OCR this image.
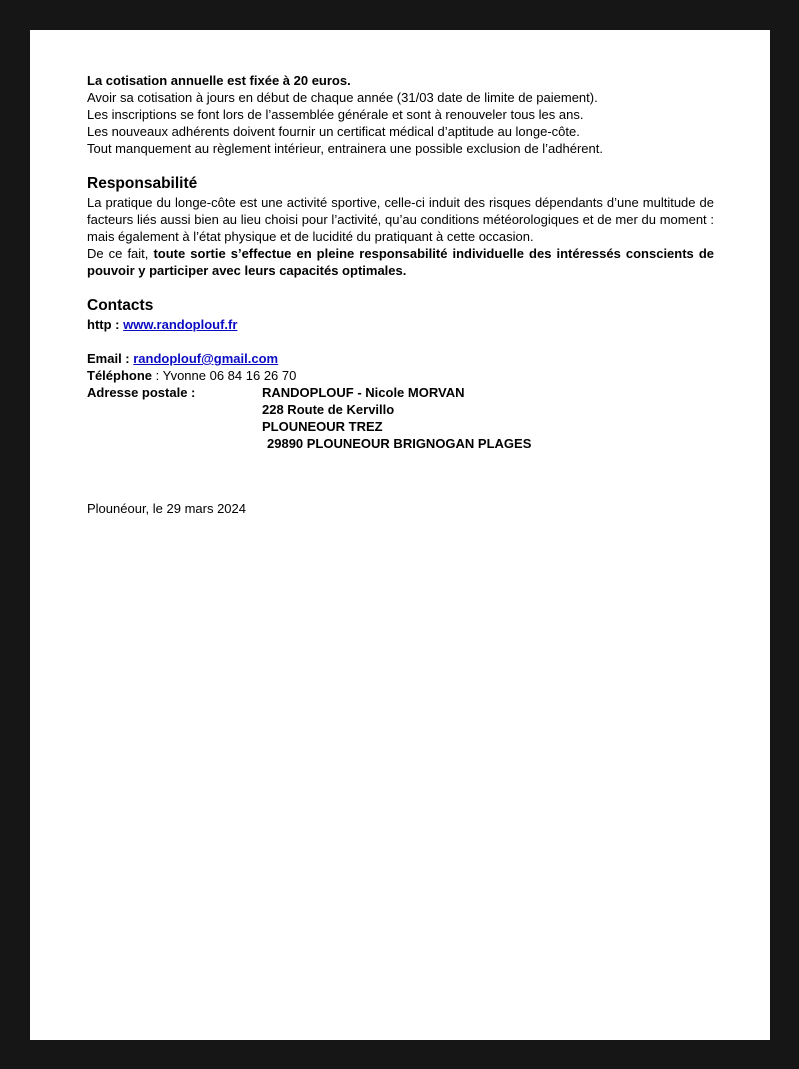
La cotisation annuelle est fixée à 20 euros.

Avoir sa cotisation à jours en début de chaque année (31/03 date de limite de paiement).

Les inscriptions se font lors de l’assemblée générale et sont à renouveler tous les ans.

Les nouveaux adhérents doivent fournir un certificat médical d’aptitude au longe-côte.

Tout manquement au règlement intérieur, entrainera une possible exclusion de l’adhérent.

Responsabilité

La pratique du longe-côte est une activité sportive, celle-ci induit des risques dépendants d’une multitude de facteurs liés aussi bien au lieu choisi pour l’activité, qu’au conditions météorologiques et de mer du moment : mais également à l’état physique et de lucidité du pratiquant à cette occasion.

De ce fait, toute sortie s’effectue en pleine responsabilité individuelle des intéressés conscients de pouvoir y participer avec leurs capacités optimales.

Contacts

http : www.randoplouf.fr

Email : randoplouf@gmail.com

Téléphone : Yvonne 06 84 16 26 70

Adresse postale :	RANDOPLOUF - Nicole MORVAN

228 Route de Kervillo

PLOUNEOUR TREZ

29890 PLOUNEOUR BRIGNOGAN PLAGES

Plounéour, le 29 mars 2024
